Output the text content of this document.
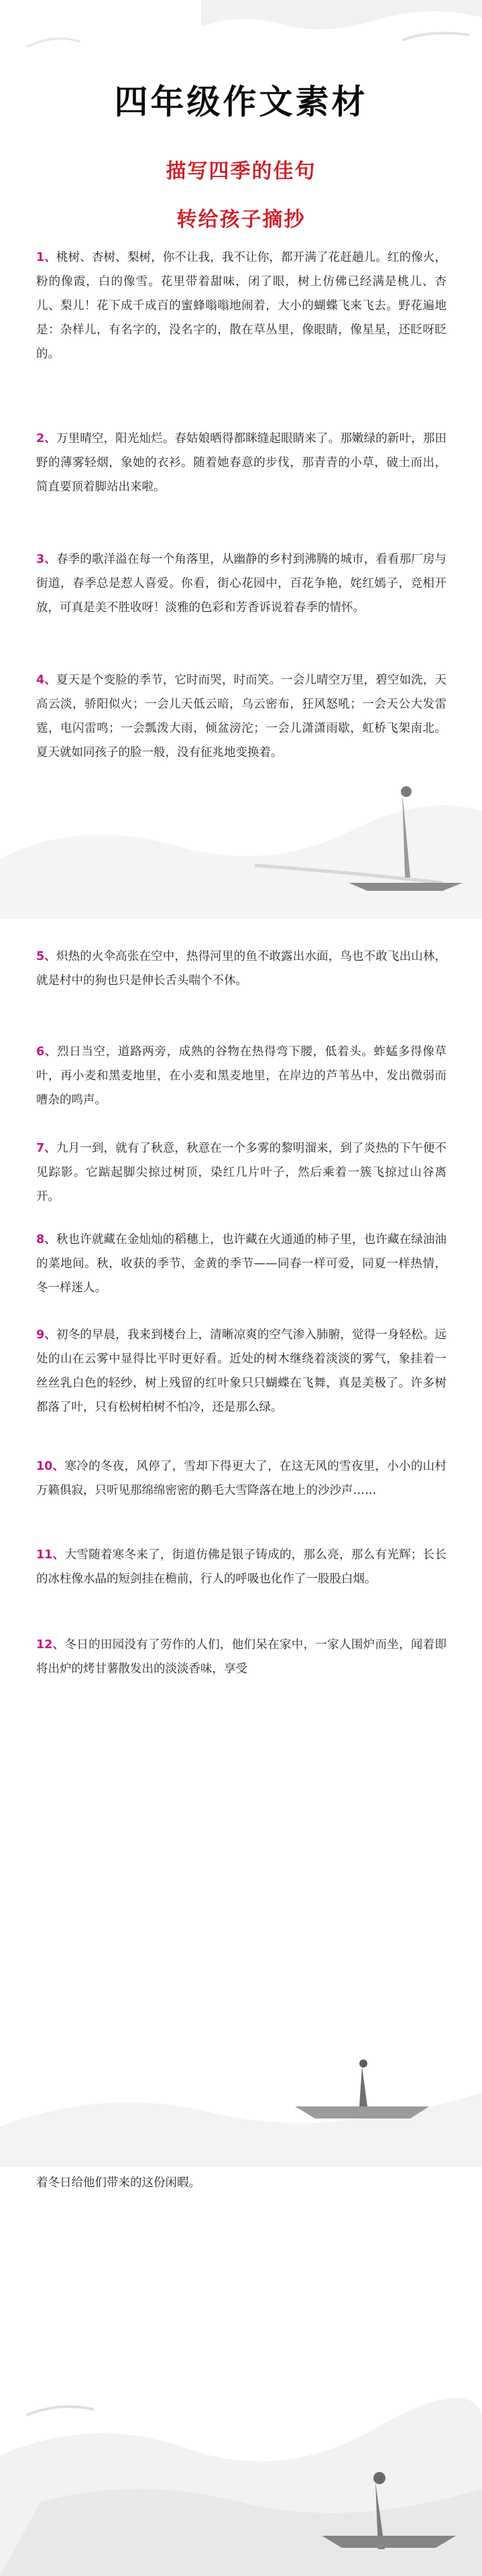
四年级作文素材
描写四季的佳句
转给孩子摘抄
1、桃树、杏树、梨树，你不让我，我不让你，都开满了花赶趟儿。红的像火，粉的像霞，白的像雪。花里带着甜味，闭了眼，树上仿佛已经满是桃儿、杏儿、梨儿！花下成千成百的蜜蜂嗡嗡地闹着，大小的蝴蝶飞来飞去。野花遍地是：杂样儿，有名字的，没名字的，散在草丛里，像眼睛，像星星，还眨呀眨的。
2、万里晴空，阳光灿烂。春姑娘晒得都眯缝起眼睛来了。那嫩绿的新叶，那田野的薄雾轻烟，象她的衣衫。随着她春意的步伐，那青青的小草，破土而出，简直要顶着脚站出来啦。
3、春季的歌洋溢在每一个角落里，从幽静的乡村到沸腾的城市，看看那厂房与街道，春季总是惹人喜爱。你看，街心花园中，百花争艳，姹红嫣子，竞相开放，可真是美不胜收呀！淡雅的色彩和芳香诉说着春季的情怀。
4、夏天是个变脸的季节，它时而哭，时而笑。一会儿晴空万里，碧空如洗，天高云淡，骄阳似火；一会儿天低云暗，乌云密布，狂风怒吼；一会天公大发雷霆，电闪雷鸣；一会瓢泼大雨，倾盆滂沱；一会儿潇潇雨歇，虹桥飞架南北。夏天就如同孩子的脸一般，没有征兆地变换着。
5、炽热的火伞高张在空中，热得河里的鱼不敢露出水面，鸟也不敢飞出山林，就是村中的狗也只是伸长舌头喘个不休。
6、烈日当空，道路两旁，成熟的谷物在热得弯下腰，低着头。蚱蜢多得像草叶，再小麦和黑麦地里，在小麦和黑麦地里，在岸边的芦苇丛中，发出微弱而嘈杂的鸣声。
7、九月一到，就有了秋意，秋意在一个多雾的黎明溜来，到了炎热的下午便不见踪影。它踮起脚尖掠过树顶，染红几片叶子，然后乘着一簇飞掠过山谷离开。
8、秋也许就藏在金灿灿的稻穗上，也许藏在火通通的柿子里，也许藏在绿油油的菜地间。秋，收获的季节，金黄的季节——同春一样可爱，同夏一样热情，冬一样迷人。
9、初冬的早晨，我来到楼台上，清晰凉爽的空气渗入肺腑，觉得一身轻松。远处的山在云雾中显得比平时更好看。近处的树木继绕着淡淡的雾气，象挂着一丝丝乳白色的轻纱，树上残留的红叶象只只蝴蝶在飞舞，真是美极了。许多树都落了叶，只有松树柏树不怕冷，还是那么绿。
10、寒冷的冬夜，风停了，雪却下得更大了，在这无风的雪夜里，小小的山村万籁俱寂，只听见那绵绵密密的鹅毛大雪降落在地上的沙沙声……
11、大雪随着寒冬来了，街道仿佛是银子铸成的，那么亮，那么有光辉；长长的冰柱像水晶的短剑挂在檐前，行人的呼吸也化作了一股股白烟。
12、冬日的田园没有了劳作的人们，他们呆在家中，一家人围炉而坐，闻着即将出炉的烤甘薯散发出的淡淡香味，享受
着冬日给他们带来的这份闲暇。
